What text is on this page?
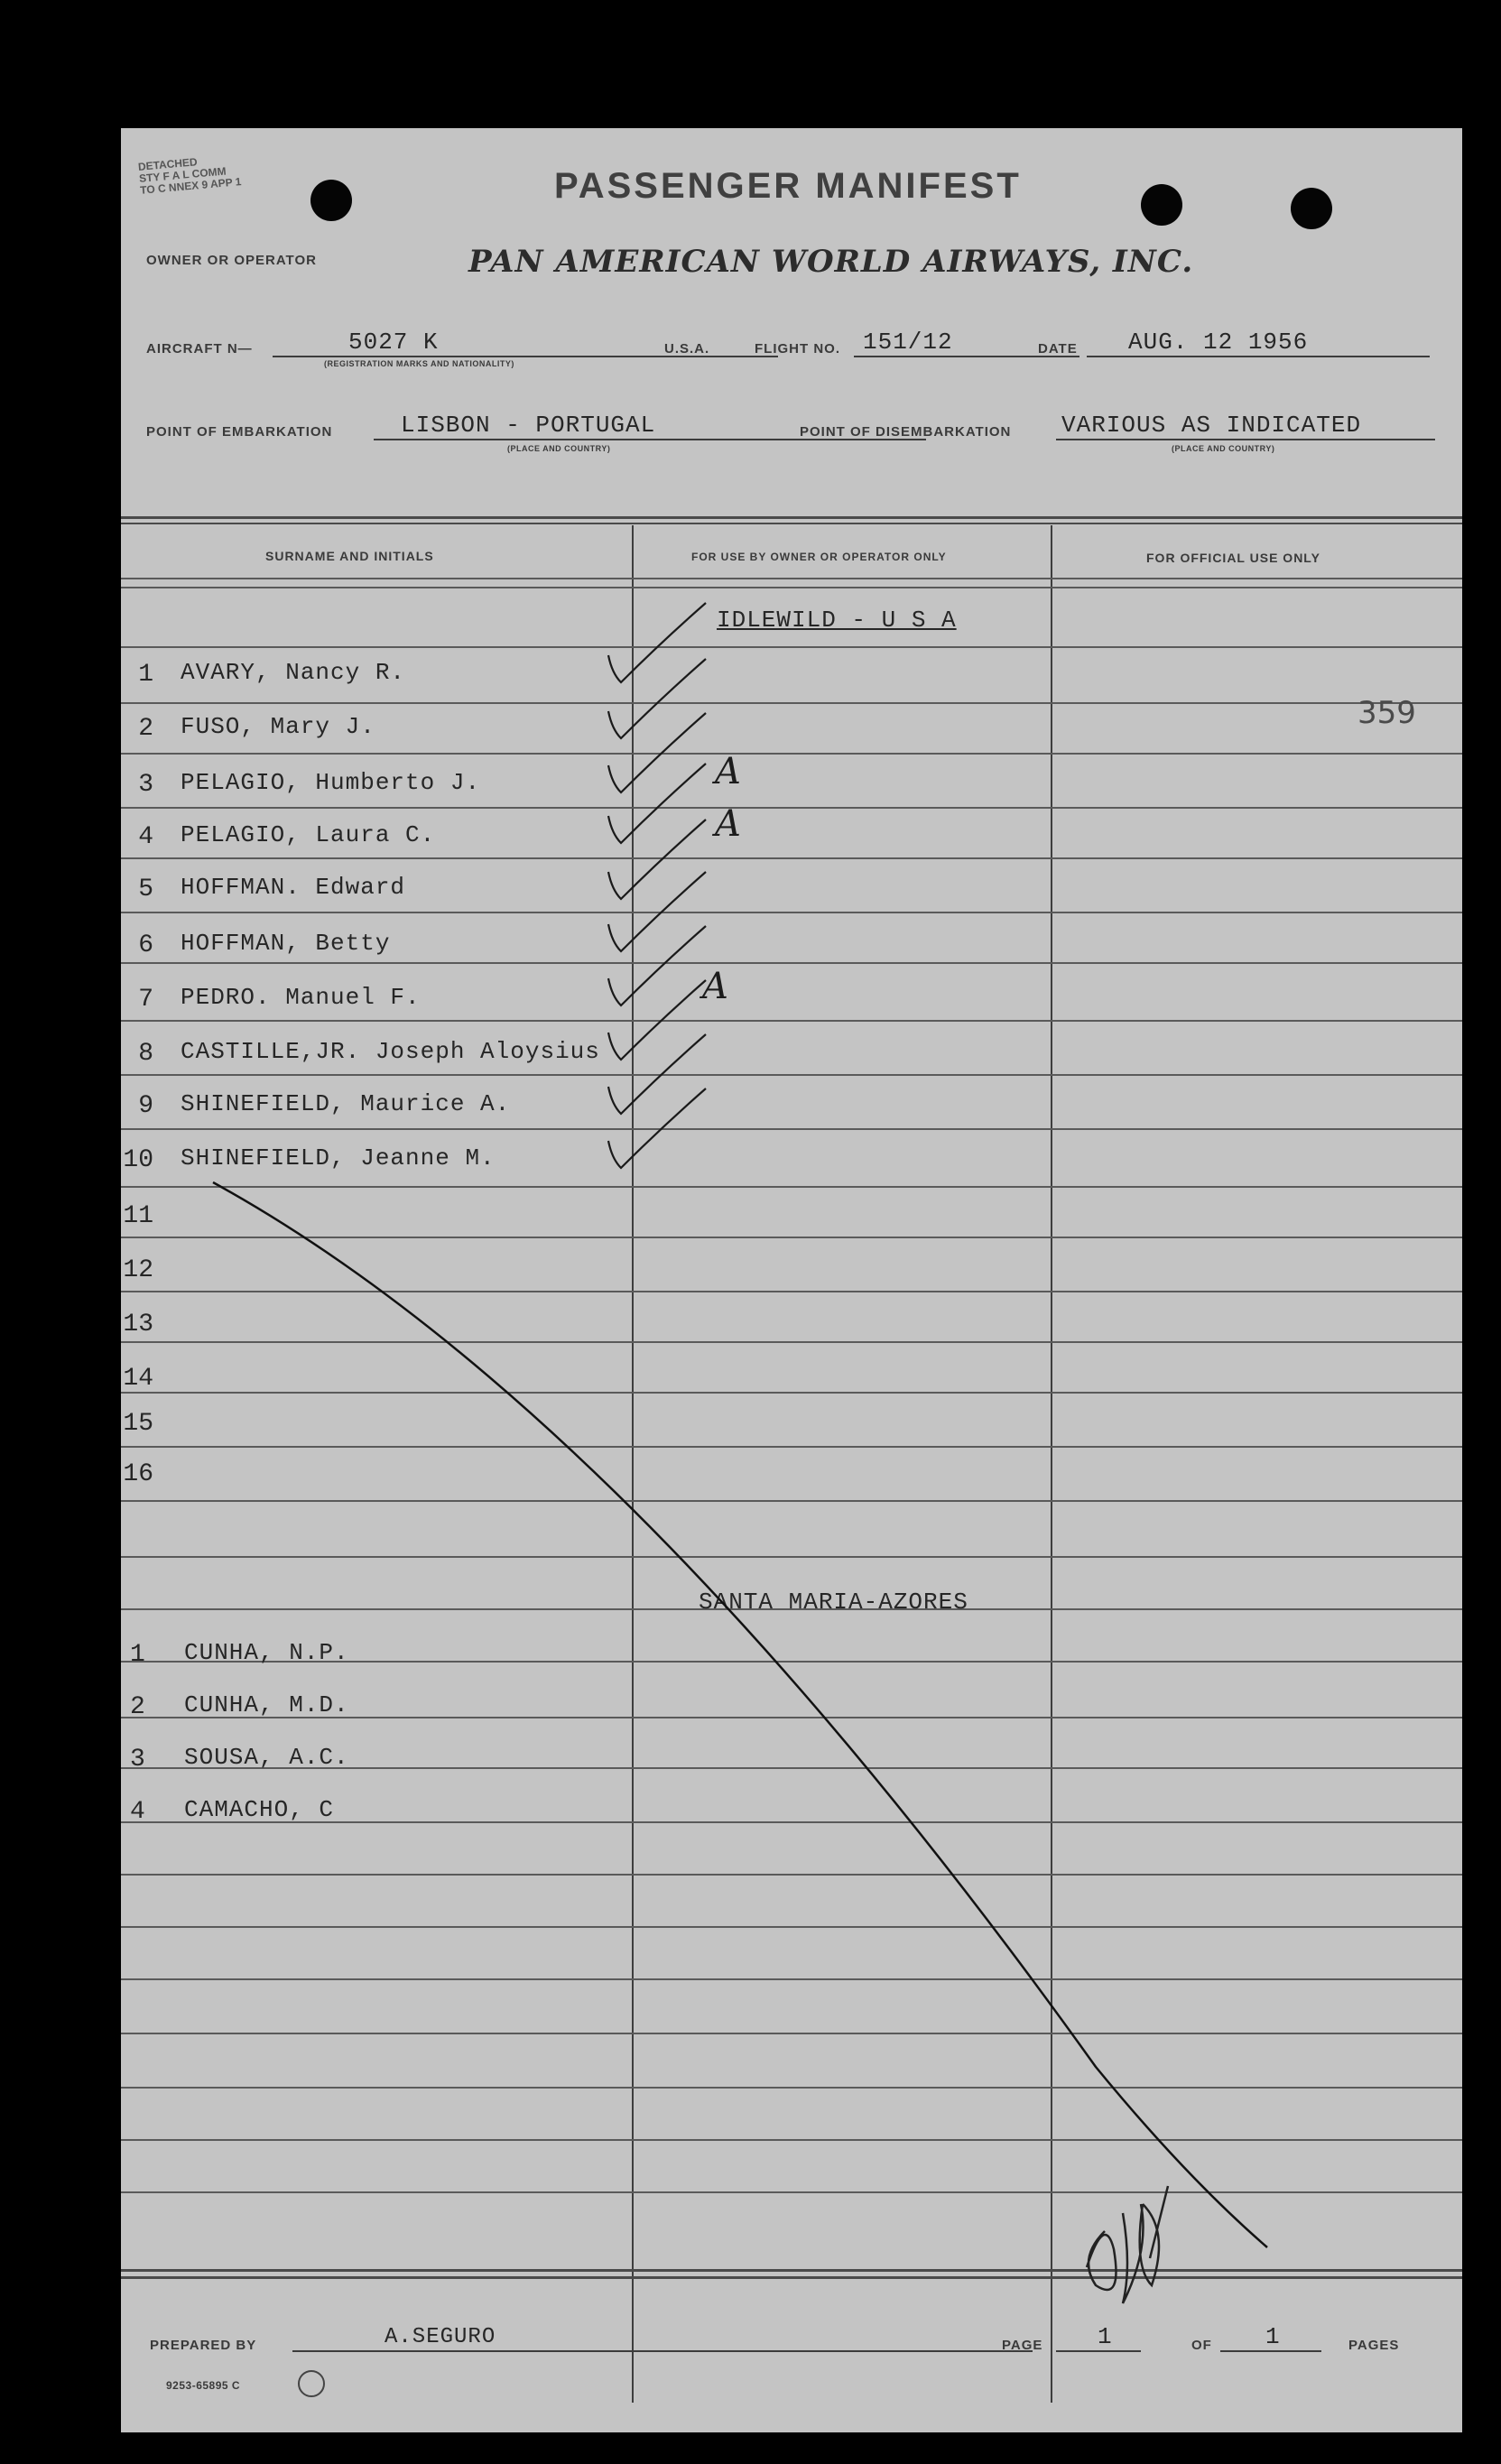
DETACHED
STY F A L COMM
TO C NNEX 9 APP 1	PASSENGER MANIFEST
OWNER OR OPERATOR	PAN AMERICAN WORLD AIRWAYS, INC.
AIRCRAFT N—	5027 K
(REGISTRATION MARKS AND NATIONALITY)
U.S.A.	FLIGHT NO. 151/12	DATE AUG. 12 1956
POINT OF EMBARKATION	LISBON - PORTUGAL
(PLACE AND COUNTRY)
POINT OF DISEMBARKATION VARIOUS AS INDICATED
(PLACE AND COUNTRY)
SURNAME AND INITIALS	FOR USE BY OWNER OR OPERATOR ONLY	FOR OFFICIAL USE ONLY
IDLEWILD - U S A
359
1 AVARY, Nancy R.
2 FUSO, Mary J.
3 PELAGIO, Humberto J.	A
4 PELAGIO, Laura C.	A
5 HOFFMAN. Edward
6 HOFFMAN, Betty
7 PEDRO. Manuel F.	A
8 CASTILLE,JR. Joseph Aloysius
9 SHINEFIELD, Maurice A.
10 SHINEFIELD, Jeanne M.
11
12
13
14
15
16
SANTA MARIA-AZORES
1 CUNHA, N.P.
2 CUNHA, M.D.
3 SOUSA, A.C.
4 CAMACHO, C
PREPARED BY	A.SEGURO	PAGE 1	OF 1	PAGES
9253-65895 C
